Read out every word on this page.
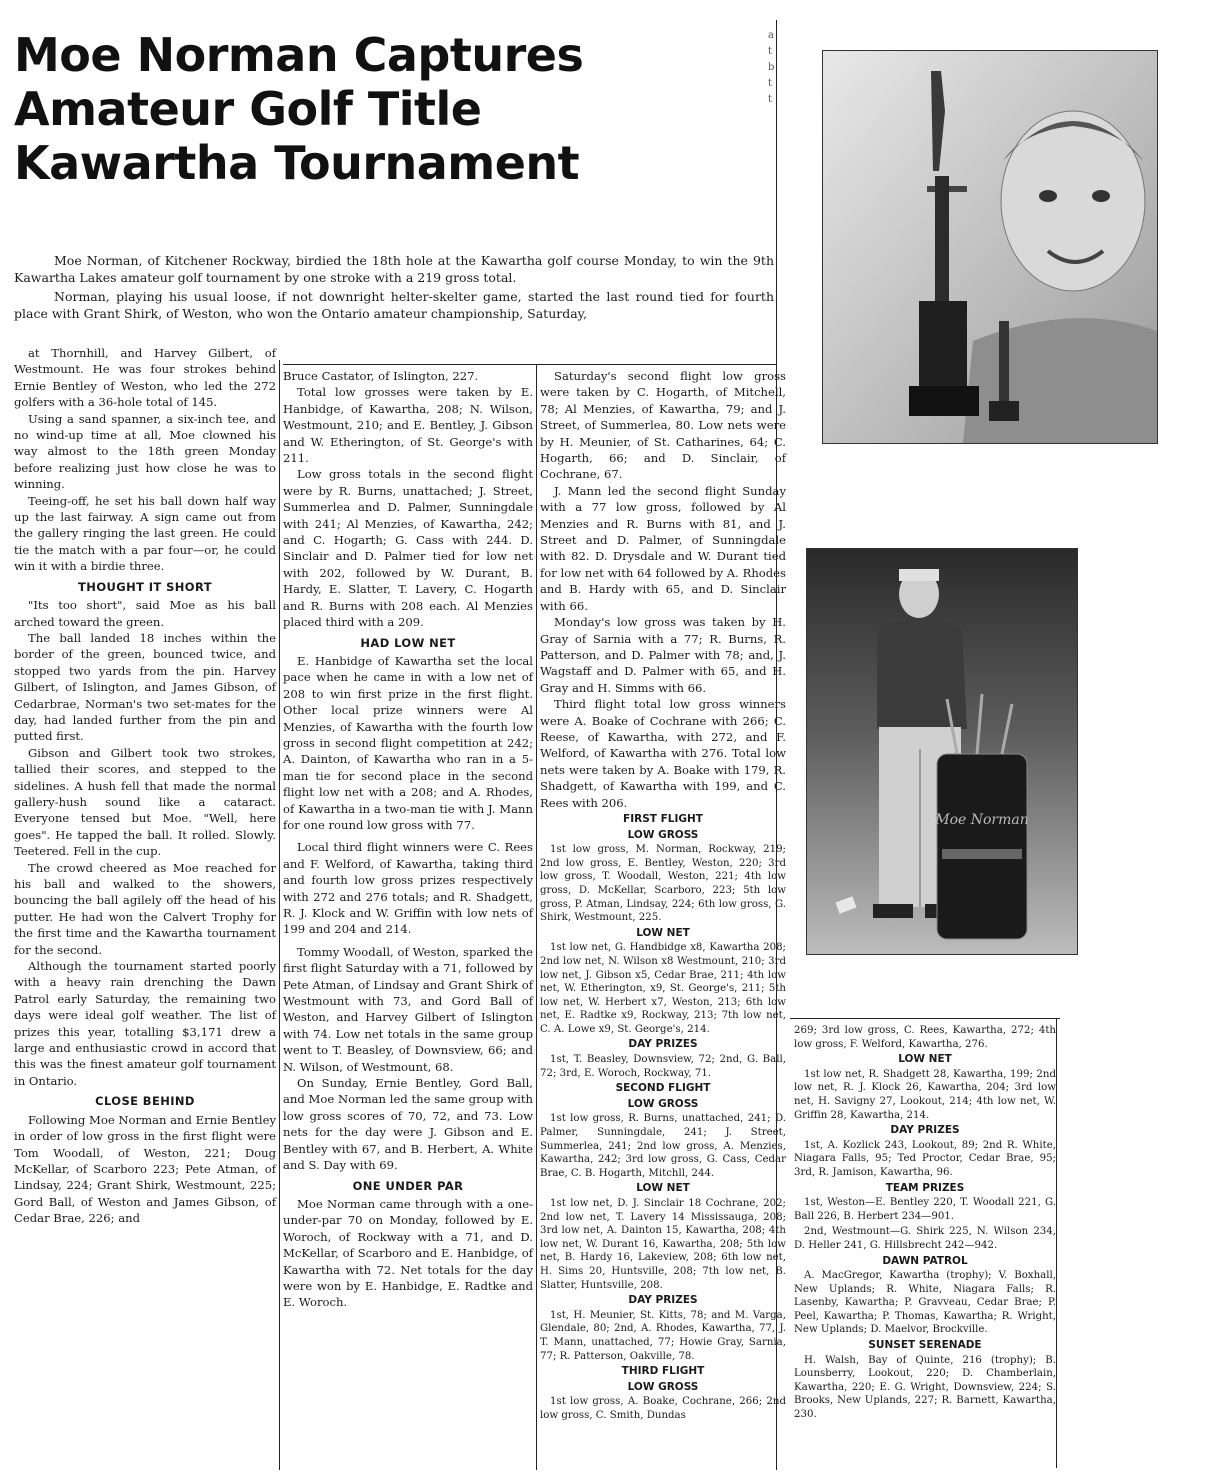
Moe Norman Captures
Amateur Golf Title
Kawartha Tournament
a
t
b
t
t

Moe Norman, of Kitchener Rockway, birdied the 18th hole at the Kawartha golf course Monday, to win the 9th Kawartha Lakes amateur golf tournament by one stroke with a 219 gross total.

Norman, playing his usual loose, if not downright helter-skelter game, started the last round tied for fourth place with Grant Shirk, of Weston, who won the Ontario amateur championship, Saturday,

at Thornhill, and Harvey Gilbert, of Westmount. He was four strokes behind Ernie Bentley of Weston, who led the 272 golfers with a 36-hole total of 145.

Using a sand spanner, a six-inch tee, and no wind-up time at all, Moe clowned his way almost to the 18th green Monday before realizing just how close he was to winning.

Teeing-off, he set his ball down half way up the last fairway. A sign came out from the gallery ringing the last green. He could tie the match with a par four—or, he could win it with a birdie three.

THOUGHT IT SHORT

"Its too short", said Moe as his ball arched toward the green.

The ball landed 18 inches within the border of the green, bounced twice, and stopped two yards from the pin. Harvey Gilbert, of Islington, and James Gibson, of Cedarbrae, Norman's two set-mates for the day, had landed further from the pin and putted first.

Gibson and Gilbert took two strokes, tallied their scores, and stepped to the sidelines. A hush fell that made the normal gallery-hush sound like a cataract. Everyone tensed but Moe. "Well, here goes". He tapped the ball. It rolled. Slowly. Teetered. Fell in the cup.

The crowd cheered as Moe reached for his ball and walked to the showers, bouncing the ball agilely off the head of his putter. He had won the Calvert Trophy for the first time and the Kawartha tournament for the second.

Although the tournament started poorly with a heavy rain drenching the Dawn Patrol early Saturday, the remaining two days were ideal golf weather. The list of prizes this year, totalling $3,171 drew a large and enthusiastic crowd in accord that this was the finest amateur golf tournament in Ontario.

CLOSE BEHIND

Following Moe Norman and Ernie Bentley in order of low gross in the first flight were Tom Woodall, of Weston, 221; Doug McKellar, of Scarboro 223; Pete Atman, of Lindsay, 224; Grant Shirk, Westmount, 225; Gord Ball, of Weston and James Gibson, of Cedar Brae, 226; and

Bruce Castator, of Islington, 227.

Total low grosses were taken by E. Hanbidge, of Kawartha, 208; N. Wilson, Westmount, 210; and E. Bentley, J. Gibson and W. Etherington, of St. George's with 211.

Low gross totals in the second flight were by R. Burns, unattached; J. Street, Summerlea and D. Palmer, Sunningdale with 241; Al Menzies, of Kawartha, 242; and C. Hogarth; G. Cass with 244. D. Sinclair and D. Palmer tied for low net with 202, followed by W. Durant, B. Hardy, E. Slatter, T. Lavery, C. Hogarth and R. Burns with 208 each. Al Menzies placed third with a 209.

HAD LOW NET

E. Hanbidge of Kawartha set the local pace when he came in with a low net of 208 to win first prize in the first flight. Other local prize winners were Al Menzies, of Kawartha with the fourth low gross in second flight competition at 242; A. Dainton, of Kawartha who ran in a 5-man tie for second place in the second flight low net with a 208; and A. Rhodes, of Kawartha in a two-man tie with J. Mann for one round low gross with 77.

Local third flight winners were C. Rees and F. Welford, of Kawartha, taking third and fourth low gross prizes respectively with 272 and 276 totals; and R. Shadgett, R. J. Klock and W. Griffin with low nets of 199 and 204 and 214.

Tommy Woodall, of Weston, sparked the first flight Saturday with a 71, followed by Pete Atman, of Lindsay and Grant Shirk of Westmount with 73, and Gord Ball of Weston, and Harvey Gilbert of Islington with 74. Low net totals in the same group went to T. Beasley, of Downsview, 66; and N. Wilson, of Westmount, 68.

On Sunday, Ernie Bentley, Gord Ball, and Moe Norman led the same group with low gross scores of 70, 72, and 73. Low nets for the day were J. Gibson and E. Bentley with 67, and B. Herbert, A. White and S. Day with 69.

ONE UNDER PAR

Moe Norman came through with a one-under-par 70 on Monday, followed by E. Woroch, of Rockway with a 71, and D. McKellar, of Scarboro and E. Hanbidge, of Kawartha with 72. Net totals for the day were won by E. Hanbidge, E. Radtke and E. Woroch.

Saturday's second flight low gross were taken by C. Hogarth, of Mitchell, 78; Al Menzies, of Kawartha, 79; and J. Street, of Summerlea, 80. Low nets were by H. Meunier, of St. Catharines, 64; C. Hogarth, 66; and D. Sinclair, of Cochrane, 67.

J. Mann led the second flight Sunday with a 77 low gross, followed by Al Menzies and R. Burns with 81, and J. Street and D. Palmer, of Sunningdale with 82. D. Drysdale and W. Durant tied for low net with 64 followed by A. Rhodes and B. Hardy with 65, and D. Sinclair with 66.

Monday's low gross was taken by H. Gray of Sarnia with a 77; R. Burns, R. Patterson, and D. Palmer with 78; and, J. Wagstaff and D. Palmer with 65, and H. Gray and H. Simms with 66.

Third flight total low gross winners were A. Boake of Cochrane with 266; C. Reese, of Kawartha, with 272, and F. Welford, of Kawartha with 276. Total low nets were taken by A. Boake with 179, R. Shadgett, of Kawartha with 199, and C. Rees with 206.

FIRST FLIGHT
LOW GROSS

1st low gross, M. Norman, Rockway, 219; 2nd low gross, E. Bentley, Weston, 220; 3rd low gross, T. Woodall, Weston, 221; 4th low gross, D. McKellar, Scarboro, 223; 5th low gross, P. Atman, Lindsay, 224; 6th low gross, G. Shirk, Westmount, 225.

LOW NET

1st low net, G. Handbidge x8, Kawartha 208; 2nd low net, N. Wilson x8 Westmount, 210; 3rd low net, J. Gibson x5, Cedar Brae, 211; 4th low net, W. Etherington, x9, St. George's, 211; 5th low net, W. Herbert x7, Weston, 213; 6th low net, E. Radtke x9, Rockway, 213; 7th low net, C. A. Lowe x9, St. George's, 214.

DAY PRIZES

1st, T. Beasley, Downsview, 72; 2nd, G. Ball, 72; 3rd, E. Woroch, Rockway, 71.

SECOND FLIGHT
LOW GROSS

1st low gross, R. Burns, unattached, 241; D. Palmer, Sunningdale, 241; J. Street, Summerlea, 241; 2nd low gross, A. Menzies, Kawartha, 242; 3rd low gross, G. Cass, Cedar Brae, C. B. Hogarth, Mitchll, 244.

LOW NET

1st low net, D. J. Sinclair 18 Cochrane, 202; 2nd low net, T. Lavery 14 Mississauga, 208; 3rd low net, A. Dainton 15, Kawartha, 208; 4th low net, W. Durant 16, Kawartha, 208; 5th low net, B. Hardy 16, Lakeview, 208; 6th low net, H. Sims 20, Huntsville, 208; 7th low net, B. Slatter, Huntsville, 208.

DAY PRIZES

1st, H. Meunier, St. Kitts, 78; and M. Varga, Glendale, 80; 2nd, A. Rhodes, Kawartha, 77, J. T. Mann, unattached, 77; Howie Gray, Sarnia, 77; R. Patterson, Oakville, 78.

THIRD FLIGHT
LOW GROSS

1st low gross, A. Boake, Cochrane, 266; 2nd low gross, C. Smith, Dundas

269; 3rd low gross, C. Rees, Kawartha, 272; 4th low gross, F. Welford, Kawartha, 276.

LOW NET

1st low net, R. Shadgett 28, Kawartha, 199; 2nd low net, R. J. Klock 26, Kawartha, 204; 3rd low net, H. Savigny 27, Lookout, 214; 4th low net, W. Griffin 28, Kawartha, 214.

DAY PRIZES

1st, A. Kozlick 243, Lookout, 89; 2nd R. White, Niagara Falls, 95; Ted Proctor, Cedar Brae, 95; 3rd, R. Jamison, Kawartha, 96.

TEAM PRIZES

1st, Weston—E. Bentley 220, T. Woodall 221, G. Ball 226, B. Herbert 234—901.

2nd, Westmount—G. Shirk 225, N. Wilson 234, D. Heller 241, G. Hillsbrecht 242—942.

DAWN PATROL

A. MacGregor, Kawartha (trophy); V. Boxhall, New Uplands; R. White, Niagara Falls; R. Lasenby, Kawartha; P. Gravveau, Cedar Brae; P. Peel, Kawartha; P. Thomas, Kawartha; R. Wright, New Uplands; D. Maelvor, Brockville.

SUNSET SERENADE

H. Walsh, Bay of Quinte, 216 (trophy); B. Lounsberry, Lookout, 220; D. Chamberlain, Kawartha, 220; E. G. Wright, Downsview, 224; S. Brooks, New Uplands, 227; R. Barnett, Kawartha, 230.

Moe Norman
